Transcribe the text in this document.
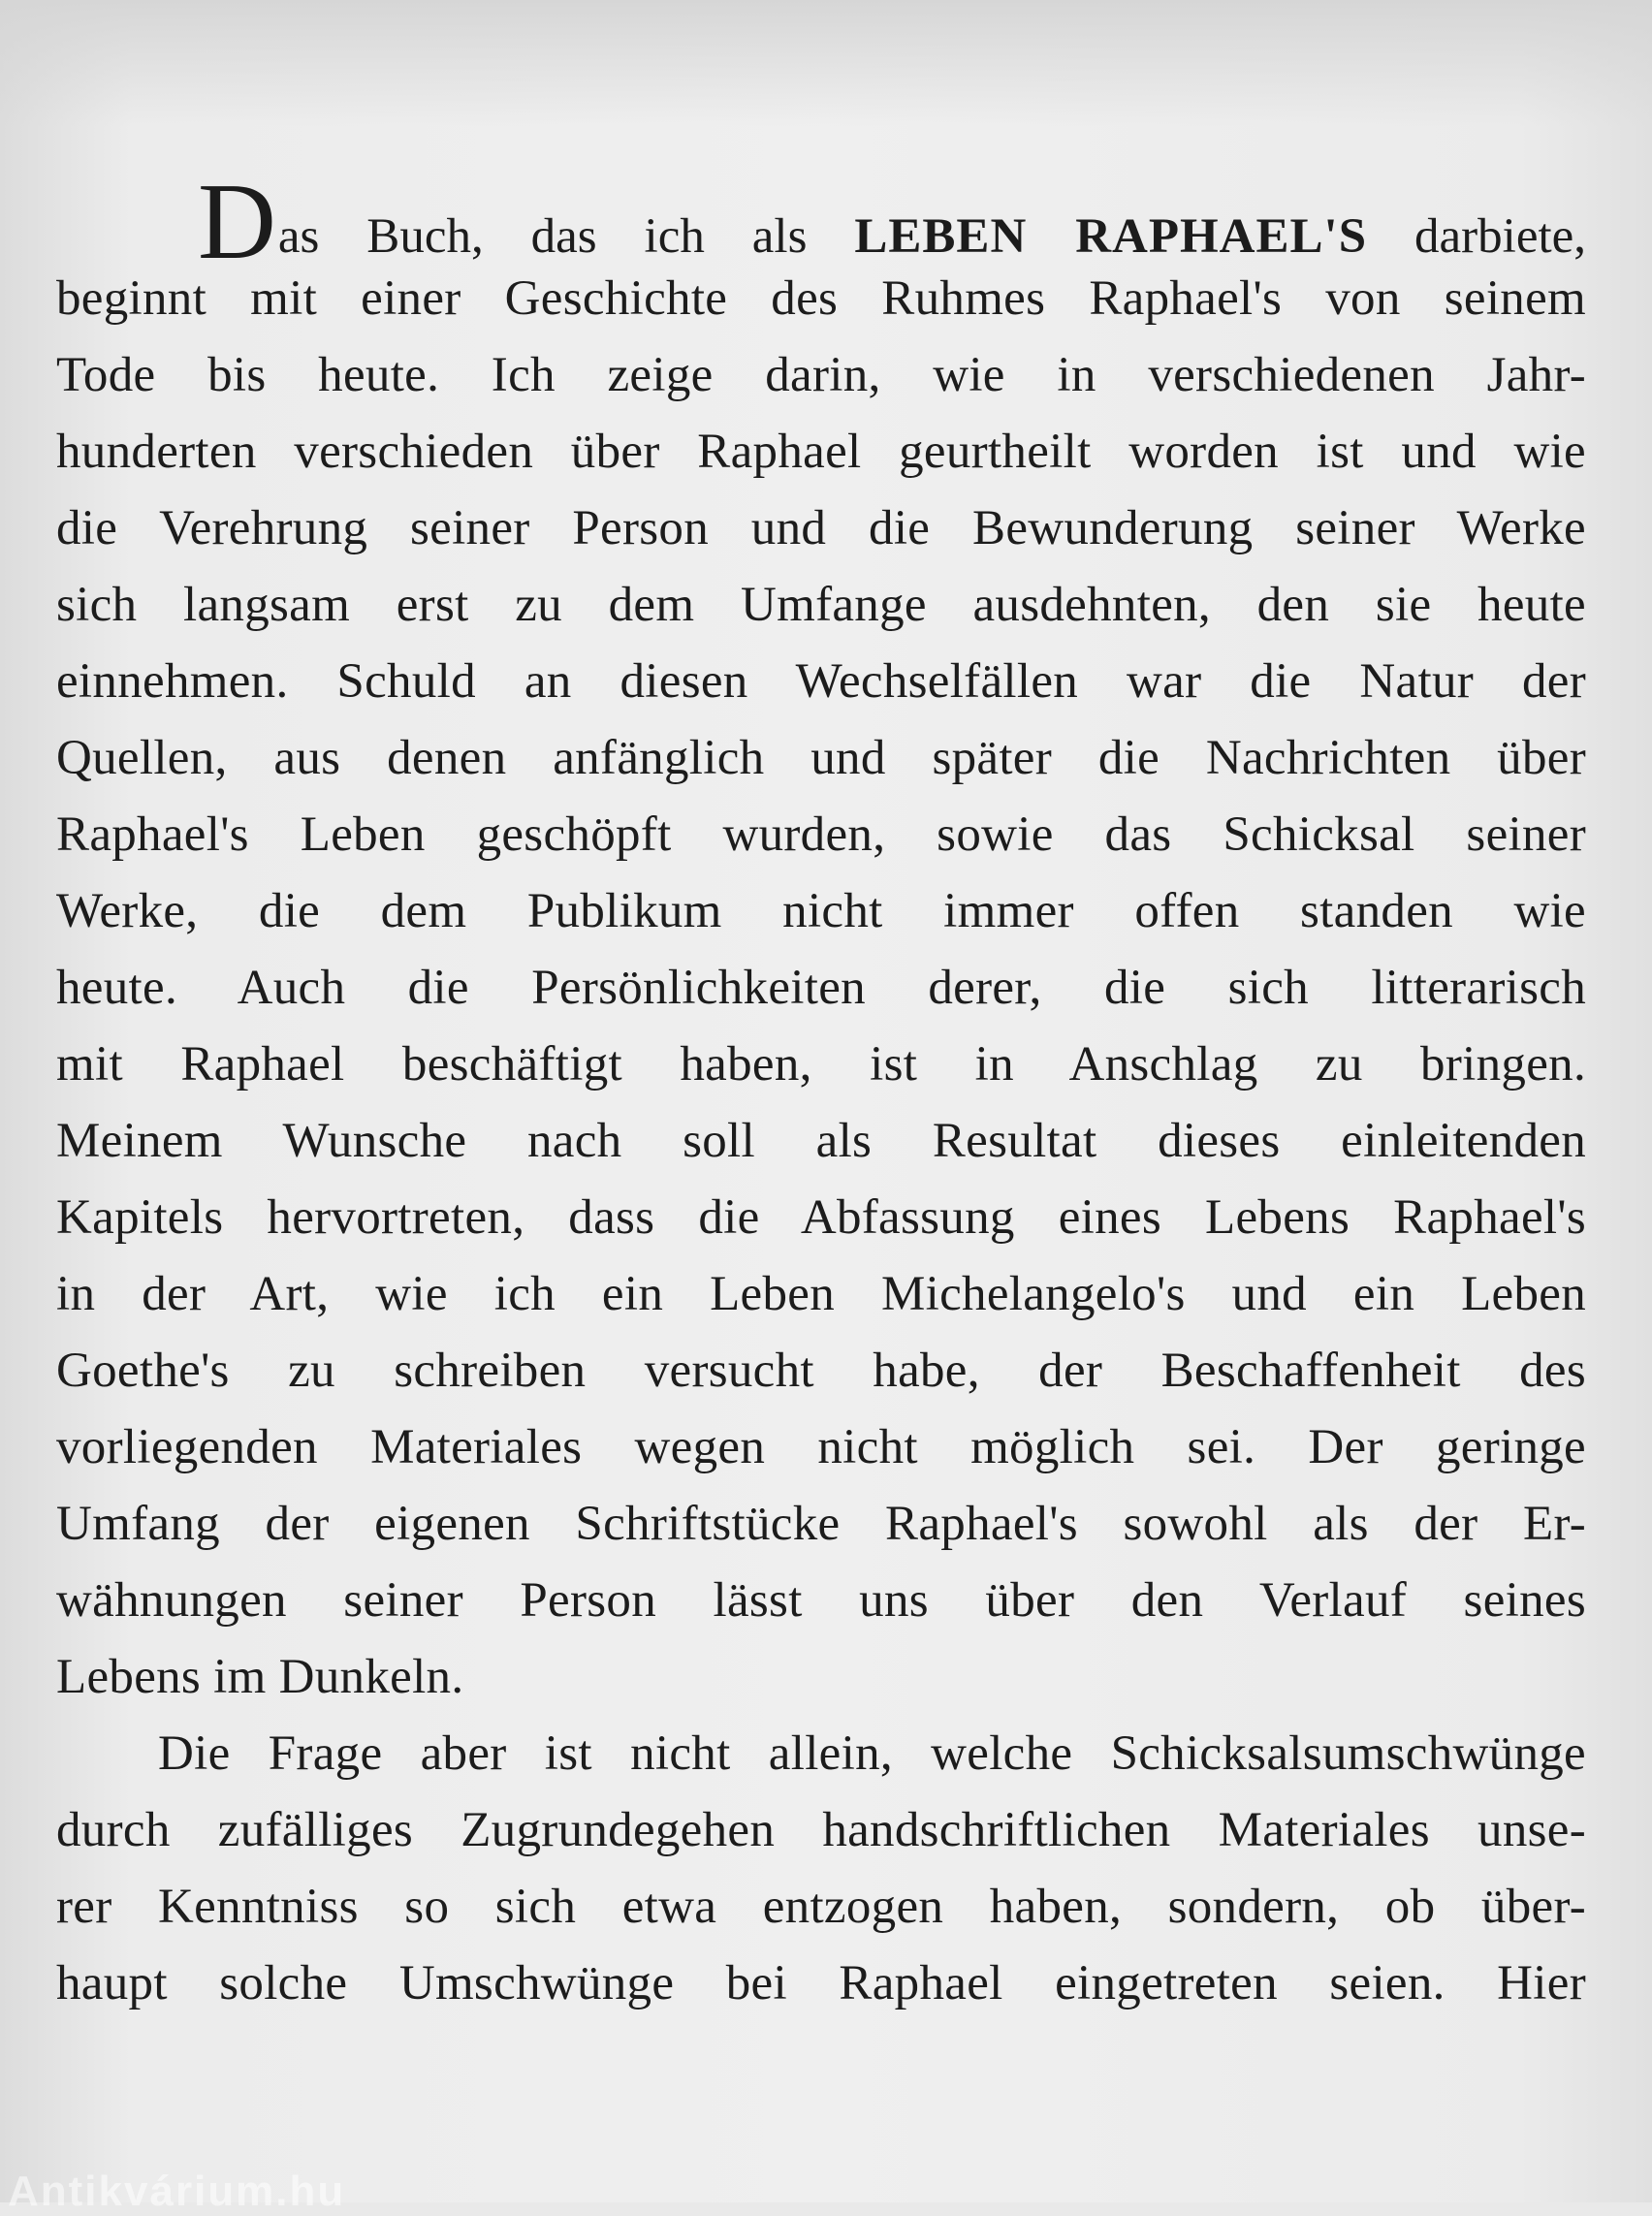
Das Buch, das ich als LEBEN RAPHAEL'S darbiete,
beginnt mit einer Geschichte des Ruhmes Raphael's von seinem
Tode bis heute. Ich zeige darin, wie in verschiedenen Jahr-
hunderten verschieden über Raphael geurtheilt worden ist und wie
die Verehrung seiner Person und die Bewunderung seiner Werke
sich langsam erst zu dem Umfange ausdehnten, den sie heute
einnehmen. Schuld an diesen Wechselfällen war die Natur der
Quellen, aus denen anfänglich und später die Nachrichten über
Raphael's Leben geschöpft wurden, sowie das Schicksal seiner
Werke, die dem Publikum nicht immer offen standen wie
heute. Auch die Persönlichkeiten derer, die sich litterarisch
mit Raphael beschäftigt haben, ist in Anschlag zu bringen.
Meinem Wunsche nach soll als Resultat dieses einleitenden
Kapitels hervortreten, dass die Abfassung eines Lebens Raphael's
in der Art, wie ich ein Leben Michelangelo's und ein Leben
Goethe's zu schreiben versucht habe, der Beschaffenheit des
vorliegenden Materiales wegen nicht möglich sei. Der geringe
Umfang der eigenen Schriftstücke Raphael's sowohl als der Er-
wähnungen seiner Person lässt uns über den Verlauf seines
Lebens im Dunkeln.
Die Frage aber ist nicht allein, welche Schicksalsumschwünge
durch zufälliges Zugrundegehen handschriftlichen Materiales unse-
rer Kenntniss so sich etwa entzogen haben, sondern, ob über-
haupt solche Umschwünge bei Raphael eingetreten seien. Hier
Antikvárium.hu
